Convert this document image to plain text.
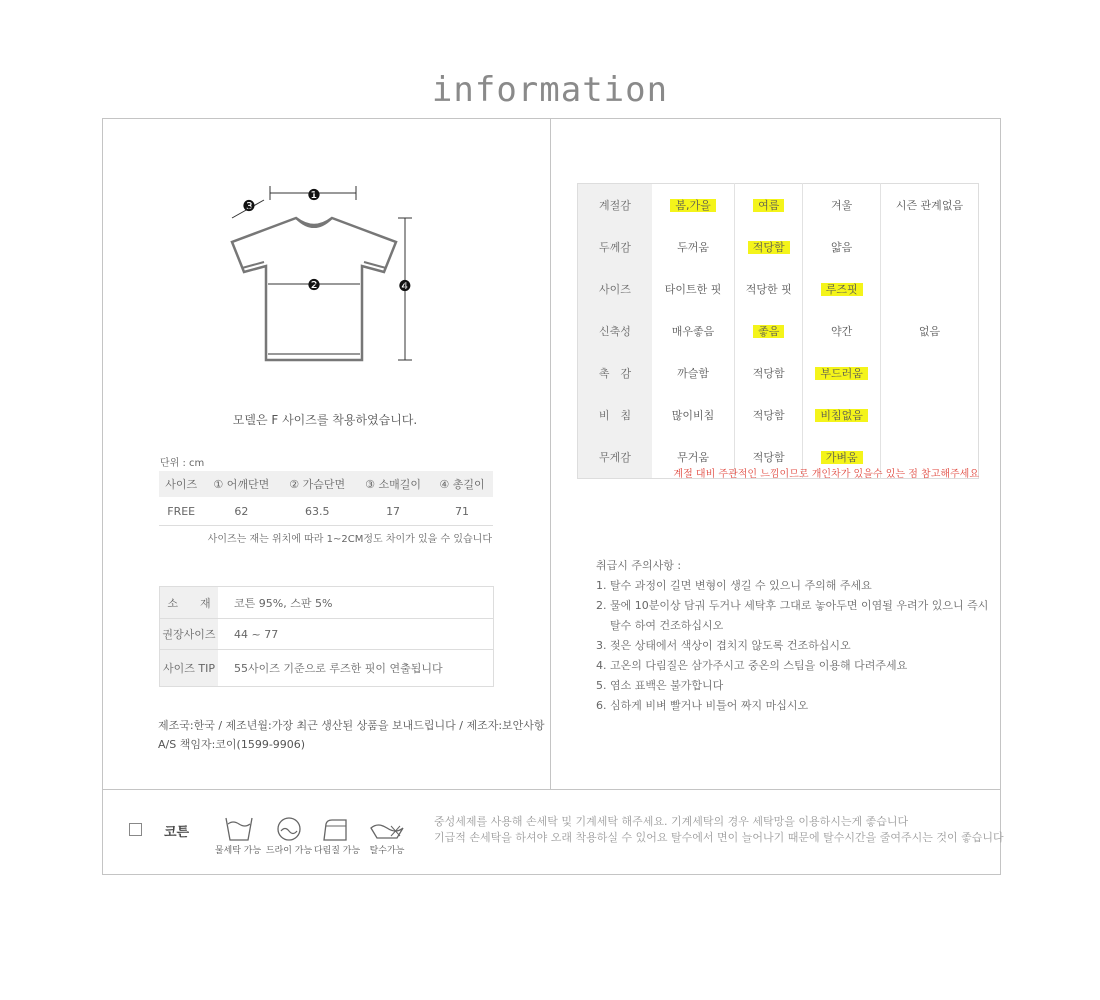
information
❶
❸
❷	❹
모델은 F 사이즈를 착용하였습니다.
단위 : cm
사이즈	① 어깨단면	② 가슴단면	③ 소매길이	④ 총길이
FREE	62	63.5	17	71
사이즈는 재는 위치에 따라 1~2CM정도 차이가 있을 수 있습니다
소　　재	코튼 95%, 스판 5%
권장사이즈	44 ~ 77
사이즈 TIP	55사이즈 기준으로 루즈한 핏이 연출됩니다
제조국:한국 / 제조년월:가장 최근 생산된 상품을 보내드립니다 / 제조자:보안사항
A/S 책임자:코이(1599-9906)
계절감	봄,가을	여름	겨울	시즌 관계없음
두께감	두꺼움	적당함	얇음	
사이즈	타이트한 핏	적당한 핏	루즈핏	
신축성	매우좋음	좋음	약간	없음
촉　감	까슬함	적당함	부드러움	
비　침	많이비침	적당함	비침없음	
무게감	무거움	적당함	가벼움	
계절 대비 주관적인 느낌이므로 개인차가 있을수 있는 점 참고해주세요
취급시 주의사항 :
1. 탈수 과정이 길면 변형이 생길 수 있으니 주의해 주세요
2. 물에 10분이상 담궈 두거나 세탁후 그대로 놓아두면 이염될 우려가 있으니 즉시
탈수 하여 건조하십시오
3. 젖은 상태에서 색상이 겹치지 않도록 건조하십시오
4. 고온의 다림질은 삼가주시고 중온의 스팀을 이용해 다려주세요
5. 염소 표백은 불가합니다
6. 심하게 비벼 빨거나 비틀어 짜지 마십시오
코튼
물세탁 가능 드라이 가능 다림질 가능 탈수가능
중성세제를 사용해 손세탁 및 기계세탁 해주세요. 기계세탁의 경우 세탁망을 이용하시는게 좋습니다
기급적 손세탁을 하셔야 오래 착용하실 수 있어요 탈수에서 면이 늘어나기 때문에 탈수시간을 줄여주시는 것이 좋습니다
